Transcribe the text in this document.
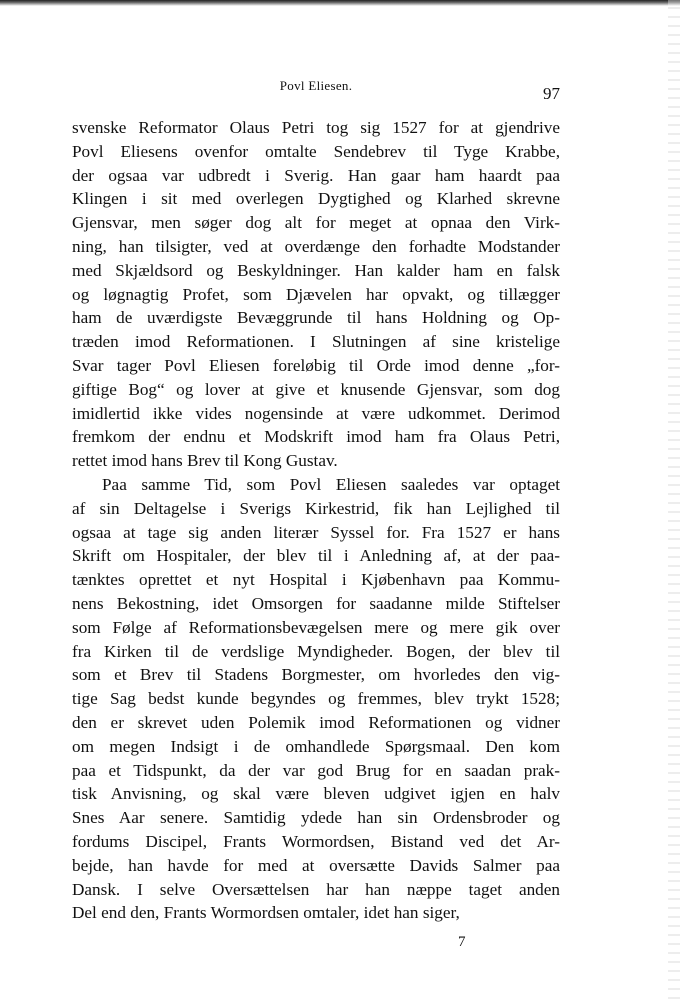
Povl Eliesen.	97
svenske Reformator Olaus Petri tog sig 1527 for at gjendrive
Povl Eliesens ovenfor omtalte Sendebrev til Tyge Krabbe,
der ogsaa var udbredt i Sverig. Han gaar ham haardt paa
Klingen i sit med overlegen Dygtighed og Klarhed skrevne
Gjensvar, men søger dog alt for meget at opnaa den Virk-
ning, han tilsigter, ved at overdænge den forhadte Modstander
med Skjældsord og Beskyldninger. Han kalder ham en falsk
og løgnagtig Profet, som Djævelen har opvakt, og tillægger
ham de uværdigste Bevæggrunde til hans Holdning og Op-
træden imod Reformationen. I Slutningen af sine kristelige
Svar tager Povl Eliesen foreløbig til Orde imod denne „for-
giftige Bog“ og lover at give et knusende Gjensvar, som dog
imidlertid ikke vides nogensinde at være udkommet. Derimod
fremkom der endnu et Modskrift imod ham fra Olaus Petri,
rettet imod hans Brev til Kong Gustav.
Paa samme Tid, som Povl Eliesen saaledes var optaget
af sin Deltagelse i Sverigs Kirkestrid, fik han Lejlighed til
ogsaa at tage sig anden literær Syssel for. Fra 1527 er hans
Skrift om Hospitaler, der blev til i Anledning af, at der paa-
tænktes oprettet et nyt Hospital i Kjøbenhavn paa Kommu-
nens Bekostning, idet Omsorgen for saadanne milde Stiftelser
som Følge af Reformationsbevægelsen mere og mere gik over
fra Kirken til de verdslige Myndigheder. Bogen, der blev til
som et Brev til Stadens Borgmester, om hvorledes den vig-
tige Sag bedst kunde begyndes og fremmes, blev trykt 1528;
den er skrevet uden Polemik imod Reformationen og vidner
om megen Indsigt i de omhandlede Spørgsmaal. Den kom
paa et Tidspunkt, da der var god Brug for en saadan prak-
tisk Anvisning, og skal være bleven udgivet igjen en halv
Snes Aar senere. Samtidig ydede han sin Ordensbroder og
fordums Discipel, Frants Wormordsen, Bistand ved det Ar-
bejde, han havde for med at oversætte Davids Salmer paa
Dansk. I selve Oversættelsen har han næppe taget anden
Del end den, Frants Wormordsen omtaler, idet han siger,
7
